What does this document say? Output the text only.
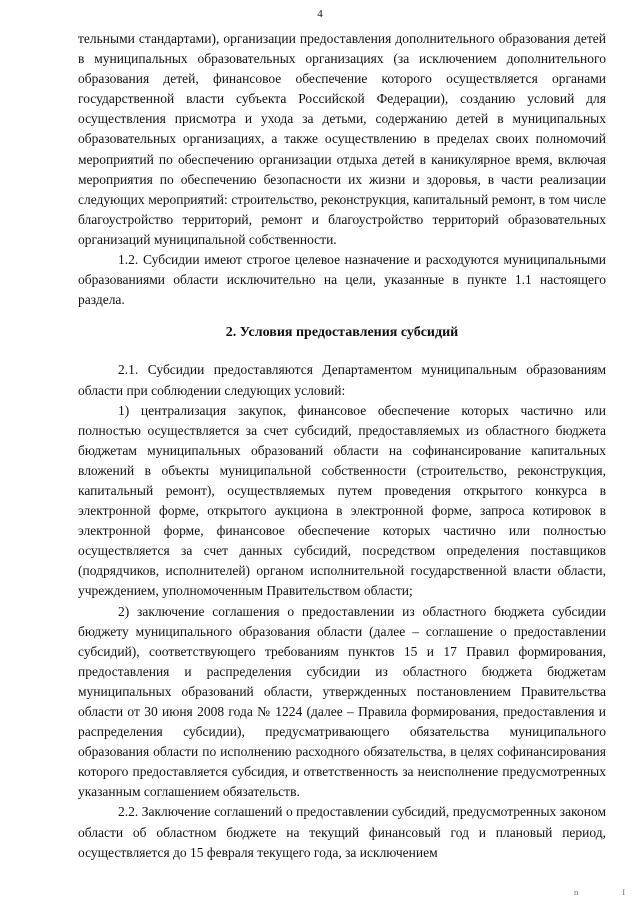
4

тельными стандартами), организации предоставления дополнительного образования детей в муниципальных образовательных организациях (за исключением дополнительного образования детей, финансовое обеспечение которого осуществляется органами государственной власти субъекта Российской Федерации), созданию условий для осуществления присмотра и ухода за детьми, содержанию детей в муниципальных образовательных организациях, а также осуществлению в пределах своих полномочий мероприятий по обеспечению организации отдыха детей в каникулярное время, включая мероприятия по обеспечению безопасности их жизни и здоровья, в части реализации следующих мероприятий: строительство, реконструкция, капитальный ремонт, в том числе благоустройство территорий, ремонт и благоустройство территорий образовательных организаций муниципальной собственности.

1.2. Субсидии имеют строгое целевое назначение и расходуются муниципальными образованиями области исключительно на цели, указанные в пункте 1.1 настоящего раздела.

2. Условия предоставления субсидий

2.1. Субсидии предоставляются Департаментом муниципальным образованиям области при соблюдении следующих условий:

1) централизация закупок, финансовое обеспечение которых частично или полностью осуществляется за счет субсидий, предоставляемых из областного бюджета бюджетам муниципальных образований области на софинансирование капитальных вложений в объекты муниципальной собственности (строительство, реконструкция, капитальный ремонт), осуществляемых путем проведения открытого конкурса в электронной форме, открытого аукциона в электронной форме, запроса котировок в электронной форме, финансовое обеспечение которых частично или полностью осуществляется за счет данных субсидий, посредством определения поставщиков (подрядчиков, исполнителей) органом исполнительной государственной власти области, учреждением, уполномоченным Правительством области;

2) заключение соглашения о предоставлении из областного бюджета субсидии бюджету муниципального образования области (далее – соглашение о предоставлении субсидий), соответствующего требованиям пунктов 15 и 17 Правил формирования, предоставления и распределения субсидии из областного бюджета бюджетам муниципальных образований области, утвержденных постановлением Правительства области от 30 июня 2008 года № 1224 (далее – Правила формирования, предоставления и распределения субсидии), предусматривающего обязательства муниципального образования области по исполнению расходного обязательства, в целях софинансирования которого предоставляется субсидия, и ответственность за неисполнение предусмотренных указанным соглашением обязательств.

2.2. Заключение соглашений о предоставлении субсидий, предусмотренных законом области об областном бюджете на текущий финансовый год и плановый период, осуществляется до 15 февраля текущего года, за исключением

п	I
